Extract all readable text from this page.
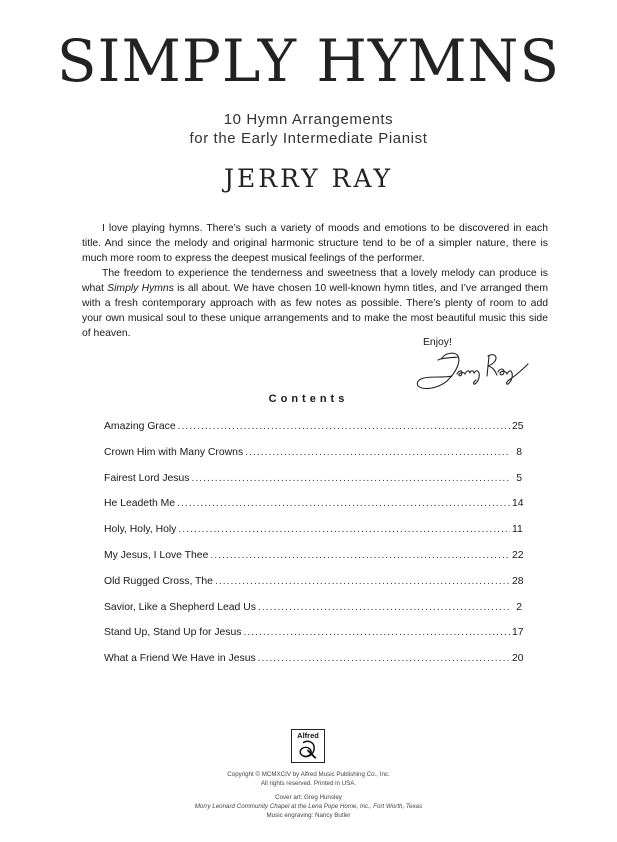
SIMPLY HYMNS
10 Hymn Arrangements
for the Early Intermediate Pianist
JERRY RAY

I love playing hymns. There’s such a variety of moods and emotions to be discovered in each title. And since the melody and original harmonic structure tend to be of a simpler nature, there is much more room to express the deepest musical feelings of the performer.

The freedom to experience the tenderness and sweetness that a lovely melody can produce is what Simply Hymns is all about. We have chosen 10 well-known hymn titles, and I’ve arranged them with a fresh contemporary approach with as few notes as possible. There’s plenty of room to add your own musical soul to these unique arrangements and to make the most beautiful music this side of heaven.

Enjoy!
Contents
Amazing Grace .....	25
Crown Him with Many Crowns .....	8
Fairest Lord Jesus .....	5
He Leadeth Me .....	14
Holy, Holy, Holy .....	11
My Jesus, I Love Thee .....	22
Old Rugged Cross, The .....	28
Savior, Like a Shepherd Lead Us .....	2
Stand Up, Stand Up for Jesus .....	17
What a Friend We Have in Jesus .....	20
Alfred
Copyright © MCMXCIV by Alfred Music Publishing Co., Inc.
All rights reserved. Printed in USA.
Cover art: Greg Hunsley
Morry Leonard Community Chapel at the Lena Pope Home, Inc., Fort Worth, Texas
Music engraving: Nancy Butler
